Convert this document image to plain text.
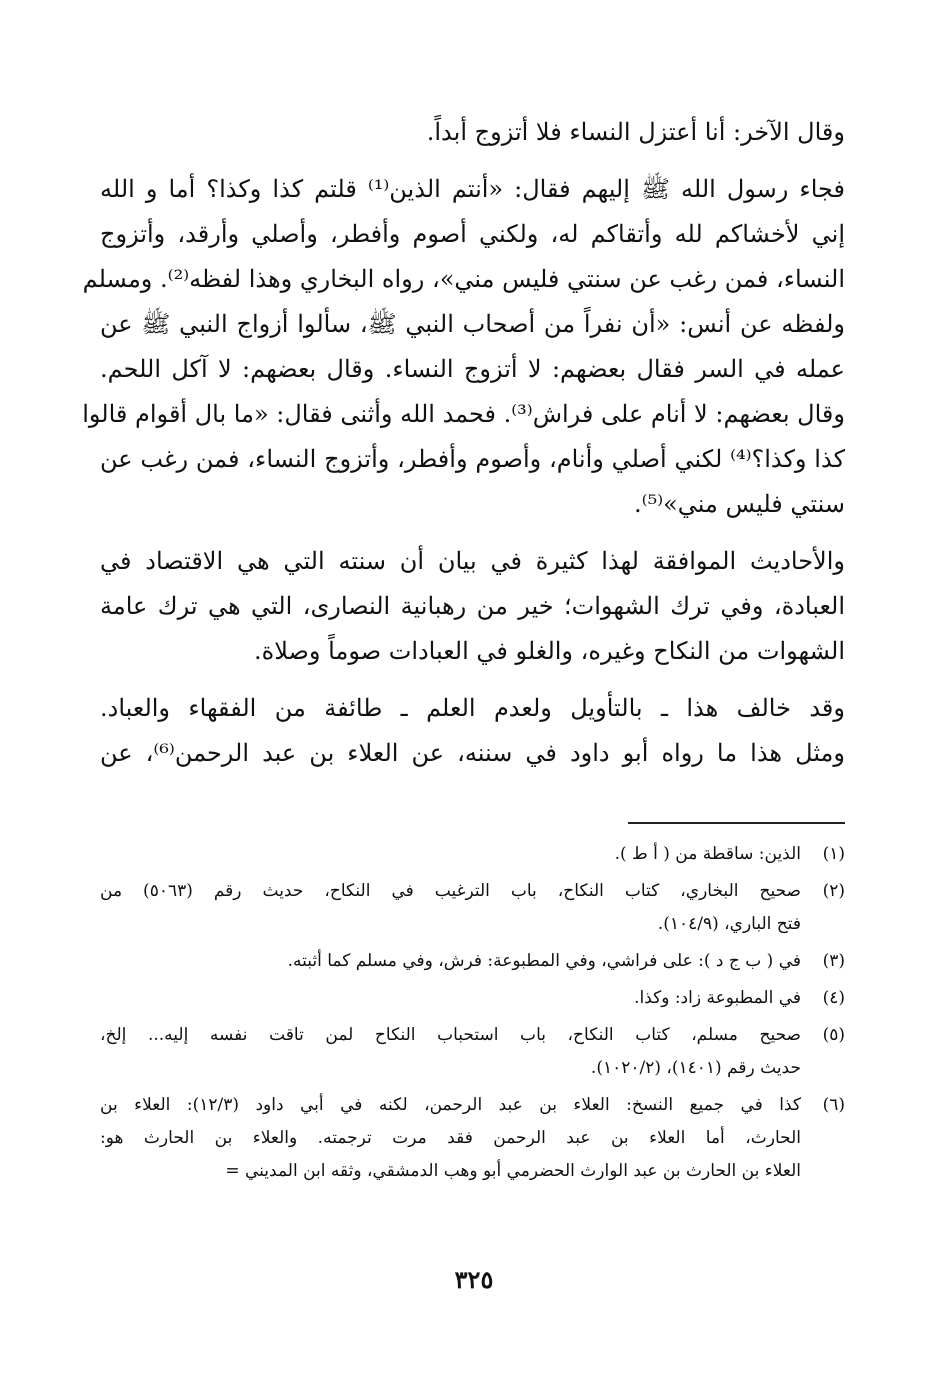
وقال الآخر: أنا أعتزل النساء فلا أتزوج أبداً.
فجاء رسول الله ﷺ إليهم فقال: «أنتم الذين⁽¹⁾ قلتم كذا وكذا؟ أما و الله
إني لأخشاكم لله وأتقاكم له، ولكني أصوم وأفطر، وأصلي وأرقد، وأتزوج
النساء، فمن رغب عن سنتي فليس مني»، رواه البخاري وهذا لفظه⁽²⁾. ومسلم
ولفظه عن أنس: «أن نفراً من أصحاب النبي ﷺ، سألوا أزواج النبي ﷺ عن
عمله في السر فقال بعضهم: لا أتزوج النساء. وقال بعضهم: لا آكل اللحم.
وقال بعضهم: لا أنام على فراش⁽³⁾. فحمد الله وأثنى فقال: «ما بال أقوام قالوا
كذا وكذا؟⁽⁴⁾ لكني أصلي وأنام، وأصوم وأفطر، وأتزوج النساء، فمن رغب عن
سنتي فليس مني»⁽⁵⁾.
والأحاديث الموافقة لهذا كثيرة في بيان أن سنته التي هي الاقتصاد في
العبادة، وفي ترك الشهوات؛ خير من رهبانية النصارى، التي هي ترك عامة
الشهوات من النكاح وغيره، والغلو في العبادات صوماً وصلاة.
وقد خالف هذا ـ بالتأويل ولعدم العلم ـ طائفة من الفقهاء والعباد.
ومثل هذا ما رواه أبو داود في سننه، عن العلاء بن عبد الرحمن⁽⁶⁾، عن
(١)
الذين: ساقطة من ( أ ط ).
(٢)
صحيح البخاري، كتاب النكاح، باب الترغيب في النكاح، حديث رقم (٥٠٦٣) من
فتح الباري، (١٠٤/٩).
(٣)
في ( ب ج د ): على فراشي، وفي المطبوعة: فرش، وفي مسلم كما أثبته.
(٤)
في المطبوعة زاد: وكذا.
(٥)
صحيح مسلم، كتاب النكاح، باب استحباب النكاح لمن تاقت نفسه إليه... إلخ،
حديث رقم (١٤٠١)، (١٠٢٠/٢).
(٦)
كذا في جميع النسخ: العلاء بن عبد الرحمن، لكنه في أبي داود (١٢/٣): العلاء بن
الحارث، أما العلاء بن عبد الرحمن فقد مرت ترجمته. والعلاء بن الحارث هو:
العلاء بن الحارث بن عبد الوارث الحضرمي أبو وهب الدمشقي، وثقه ابن المديني =
٣٢٥
